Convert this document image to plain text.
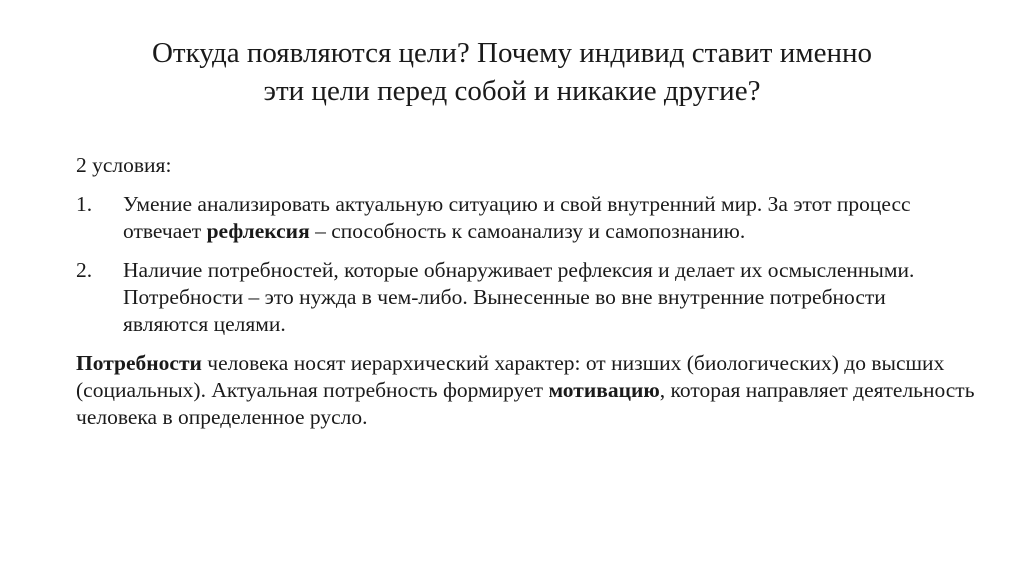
Откуда появляются цели? Почему индивид ставит именно
эти цели перед собой и никакие другие?

2 условия:

1. Умение анализировать актуальную ситуацию и свой внутренний мир. За этот процесс отвечает рефлексия – способность к самоанализу и самопознанию.
2. Наличие потребностей, которые обнаруживает рефлексия и делает их осмысленными. Потребности – это нужда в чем-либо. Вынесенные во вне внутренние потребности являются целями.

Потребности человека носят иерархический характер: от низших (биологических) до высших (социальных). Актуальная потребность формирует мотивацию, которая направляет деятельность человека в определенное русло.
